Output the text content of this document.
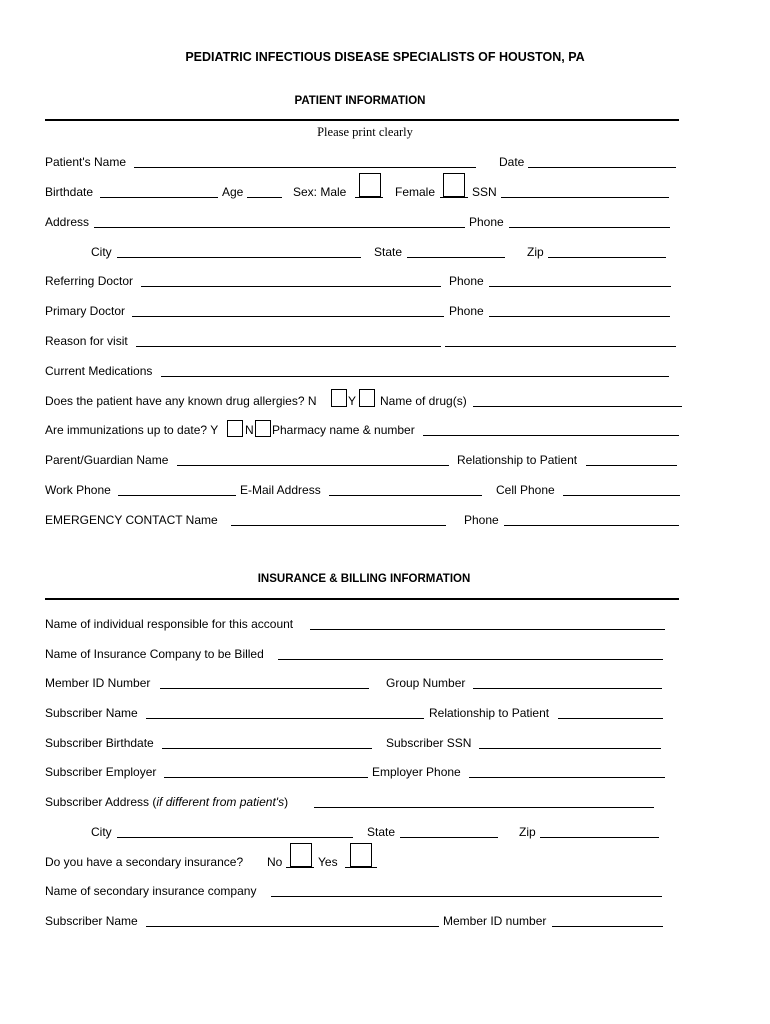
PEDIATRIC INFECTIOUS DISEASE SPECIALISTS OF HOUSTON, PA
PATIENT INFORMATION
Please print clearly
Patient's Name	Date
Birthdate	Age	Sex: Male	Female	SSN
Address	Phone
City	State	Zip
Referring Doctor	Phone
Primary Doctor	Phone
Reason for visit
Current Medications
Does the patient have any known drug allergies? N	Y Name of drug(s)
Are immunizations up to date? Y N Pharmacy name & number
Parent/Guardian Name	Relationship to Patient
Work Phone	E-Mail Address	Cell Phone
EMERGENCY CONTACT Name	Phone
INSURANCE & BILLING INFORMATION
Name of individual responsible for this account
Name of Insurance Company to be Billed
Member ID Number	Group Number
Subscriber Name	Relationship to Patient
Subscriber Birthdate	Subscriber SSN
Subscriber Employer	Employer Phone
Subscriber Address (if different from patient's)
City	State	Zip
Do you have a secondary insurance? No	Yes
Name of secondary insurance company
Subscriber Name	Member ID number
